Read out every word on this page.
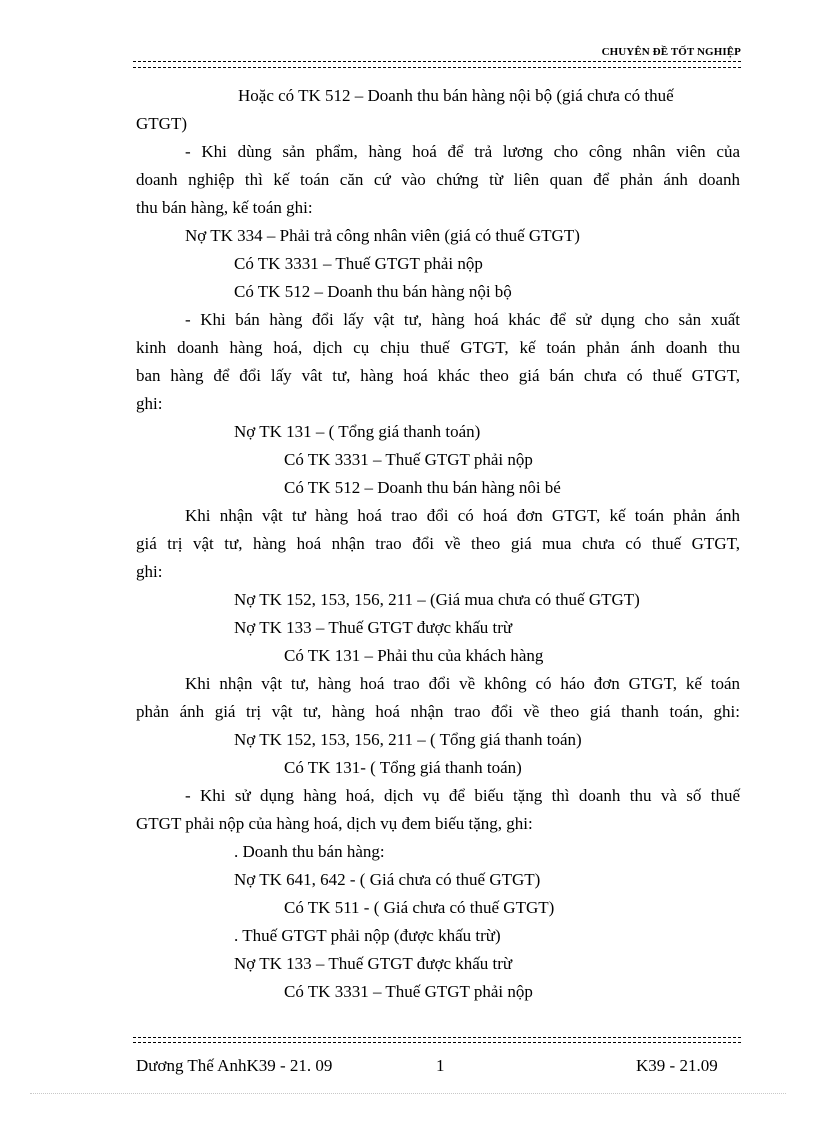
CHUYÊN ĐỀ TỐT NGHIỆP
Hoặc có TK 512 – Doanh thu bán hàng nội bộ (giá chưa có thuế
GTGT)
- Khi dùng sản phẩm, hàng hoá để trả lương cho công nhân viên của
doanh nghiệp thì kế toán căn cứ vào chứng từ liên quan để phản ánh doanh
thu bán hàng, kế toán ghi:
Nợ TK 334 – Phải trả công nhân viên (giá có thuế GTGT)
Có TK 3331 – Thuế GTGT phải nộp
Có TK 512 – Doanh thu bán hàng nội bộ
- Khi bán hàng đổi lấy vật tư, hàng hoá khác để sử dụng cho sản xuất
kinh doanh hàng hoá, dịch cụ chịu thuế GTGT, kế toán phản ánh doanh thu
ban hàng để đổi lấy vât tư, hàng hoá khác theo giá bán chưa có thuế GTGT,
ghi:
Nợ TK 131 – ( Tổng giá thanh toán)
Có TK 3331 – Thuế GTGT phải nộp
Có TK 512 – Doanh thu bán hàng nôi bé
Khi nhận vật tư hàng hoá trao đổi có hoá đơn GTGT, kế toán phản ánh
giá trị vật tư, hàng hoá nhận trao đổi về theo giá mua chưa có thuế GTGT,
ghi:
Nợ TK 152, 153, 156, 211 – (Giá mua chưa có thuế GTGT)
Nợ TK 133 – Thuế GTGT được khấu trừ
Có TK 131 – Phải thu của khách hàng
Khi nhận vật tư, hàng hoá trao đổi về không có háo đơn GTGT, kế toán
phản ánh giá trị vật tư, hàng hoá nhận trao đổi về theo giá thanh toán, ghi:
Nợ TK 152, 153, 156, 211 – ( Tổng giá thanh toán)
Có TK 131- ( Tổng giá thanh toán)
- Khi sử dụng hàng hoá, dịch vụ để biếu tặng thì doanh thu và số thuế
GTGT phải nộp của hàng hoá, dịch vụ đem biếu tặng, ghi:
. Doanh thu bán hàng:
Nợ TK 641, 642 - ( Giá chưa có thuế GTGT)
Có TK 511 - ( Giá chưa có thuế GTGT)
. Thuế GTGT phải nộp (được khấu trừ)
Nợ TK 133 – Thuế GTGT được khấu trừ
Có TK 3331 – Thuế GTGT phải nộp
Dương Thế AnhK39 - 21. 09	1	K39 - 21.09
